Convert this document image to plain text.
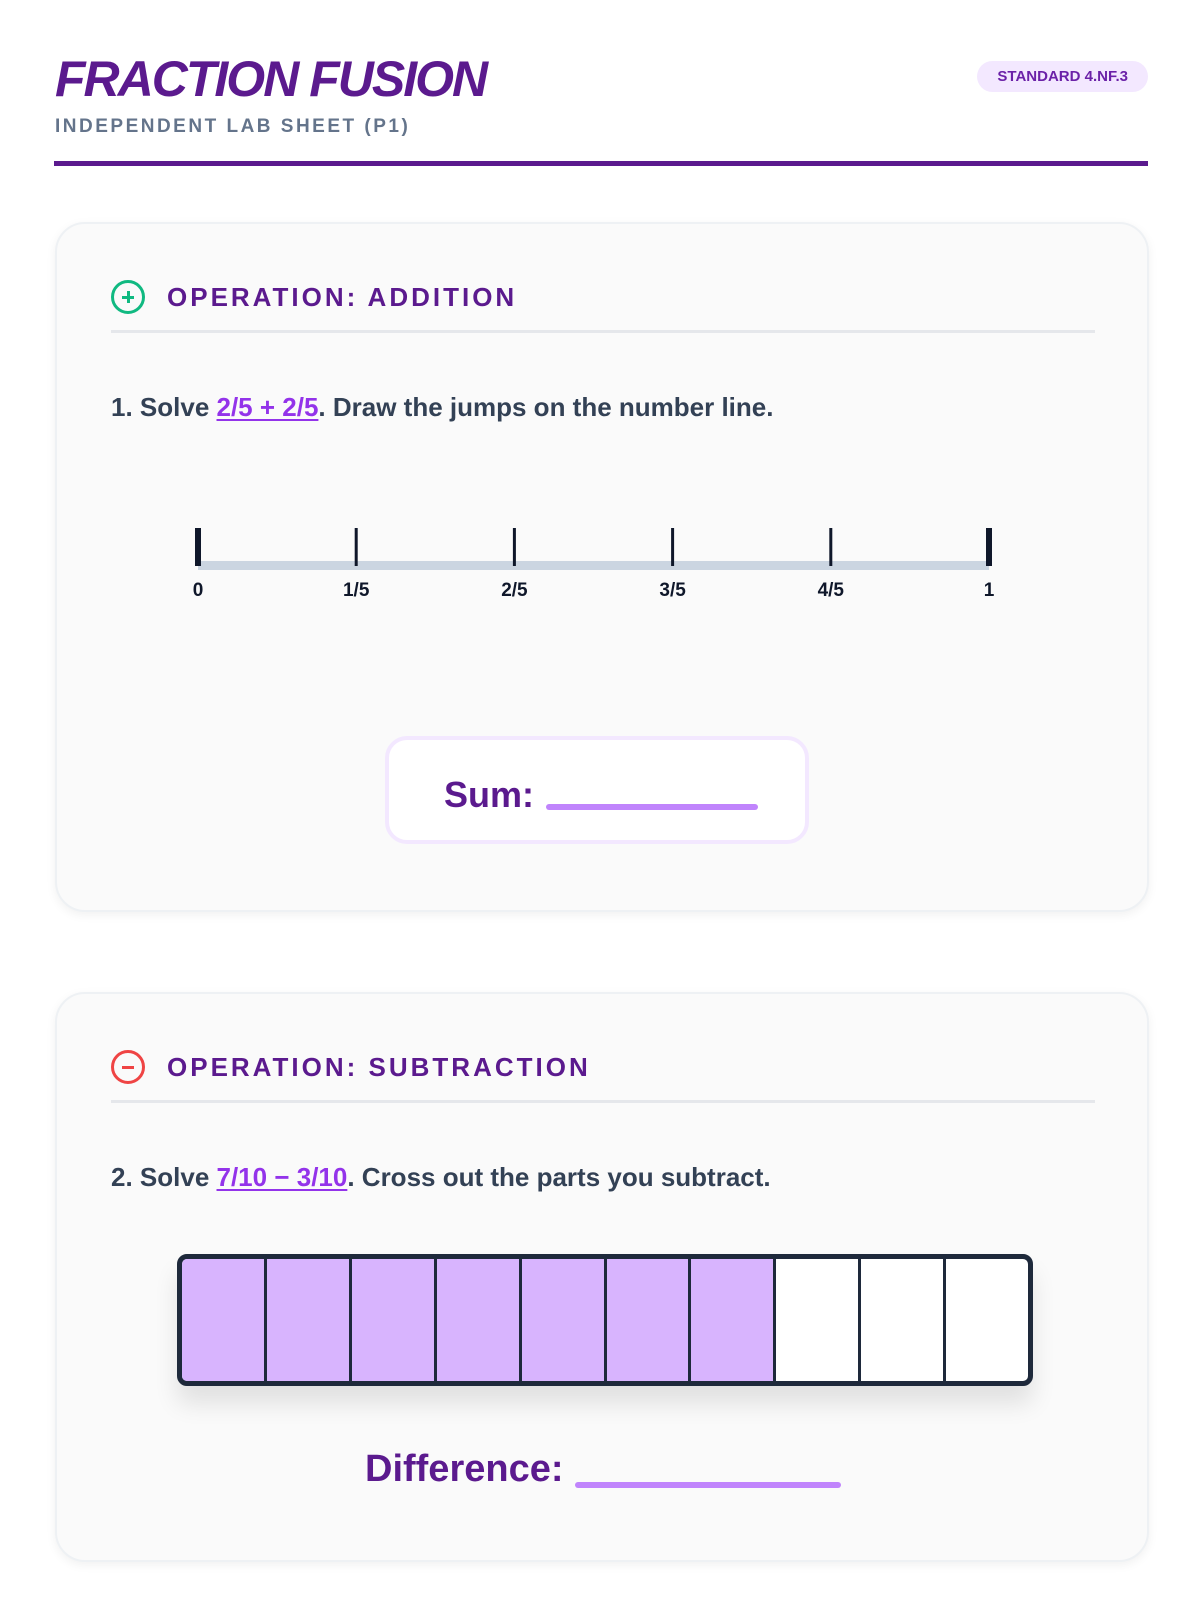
FRACTION FUSION
INDEPENDENT LAB SHEET (P1)
STANDARD 4.NF.3
OPERATION: ADDITION
1. Solve 2/5 + 2/5. Draw the jumps on the number line.
0	1/5	2/5	3/5	4/5	1
Sum:
OPERATION: SUBTRACTION
2. Solve 7/10 − 3/10. Cross out the parts you subtract.
Difference:
